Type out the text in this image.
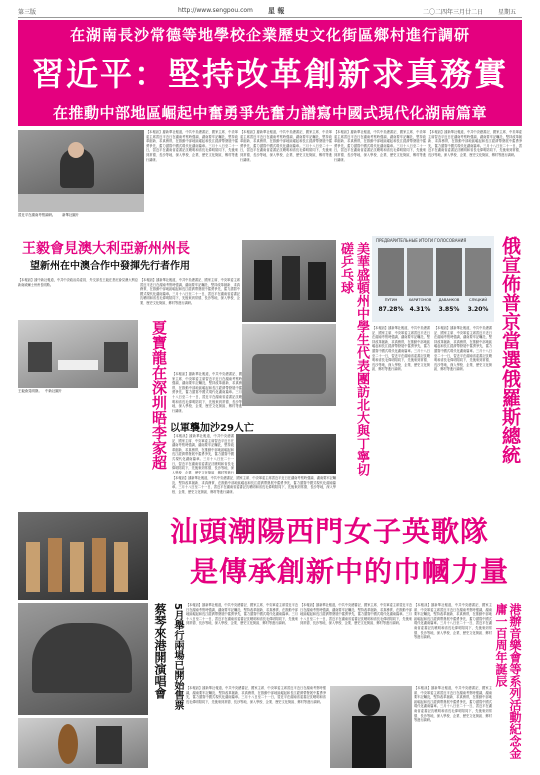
第三版	http://www.sengpou.com 星 報	二〇二四年三月廿二日 星期五
在湖南長沙常德等地學校企業歷史文化街區鄉村進行調研
習近平：堅持改革創新求真務實
在推動中部地區崛起中奮勇爭先奮力譜寫中國式現代化湖南篇章
習近平在湖南考察調研。　　新華社圖片
【本報訊】據新華社報道，中共中央總書記、國家主席、中央軍委主席習近平近日在湖南考察時強調，湖南要牢記囑託，堅持改革創新、求真務實，在推動中部地區崛起和長江經濟帶發展中奮勇爭先，奮力譜寫中國式現代化湖南篇章。三月十八日至二十一日，習近平在湖南省委書記沈曉明和省長毛偉明陪同下，先後來到常德、長沙等地，深入學校、企業、歷史文化街區、鄉村等進行調研。
【本報訊】據新華社報道，中共中央總書記、國家主席、中央軍委主席習近平近日在湖南考察時強調，湖南要牢記囑託，堅持改革創新、求真務實，在推動中部地區崛起和長江經濟帶發展中奮勇爭先，奮力譜寫中國式現代化湖南篇章。三月十八日至二十一日，習近平在湖南省委書記沈曉明和省長毛偉明陪同下，先後來到常德、長沙等地，深入學校、企業、歷史文化街區、鄉村等進行調研。
【本報訊】據新華社報道，中共中央總書記、國家主席、中央軍委主席習近平近日在湖南考察時強調，湖南要牢記囑託，堅持改革創新、求真務實，在推動中部地區崛起和長江經濟帶發展中奮勇爭先，奮力譜寫中國式現代化湖南篇章。三月十八日至二十一日，習近平在湖南省委書記沈曉明和省長毛偉明陪同下，先後來到常德、長沙等地，深入學校、企業、歷史文化街區、鄉村等進行調研。
【本報訊】據新華社報道，中共中央總書記、國家主席、中央軍委主席習近平近日在湖南考察時強調，湖南要牢記囑託，堅持改革創新、求真務實，在推動中部地區崛起和長江經濟帶發展中奮勇爭先，奮力譜寫中國式現代化湖南篇章。三月十八日至二十一日，習近平在湖南省委書記沈曉明和省長毛偉明陪同下，先後來到常德、長沙等地，深入學校、企業、歷史文化街區、鄉村等進行調研。
王毅會見澳大利亞新州州長
望新州在中澳合作中發揮先行者作用
【本報訊】據中新社報道，中共中央政治局委員、外交部長王毅在悉尼會見澳大利亞新南威爾士州州長明斯。
【本報訊】據新華社報道，中共中央總書記、國家主席、中央軍委主席習近平近日在湖南考察時強調，湖南要牢記囑託，堅持改革創新、求真務實，在推動中部地區崛起和長江經濟帶發展中奮勇爭先，奮力譜寫中國式現代化湖南篇章。三月十八日至二十一日，習近平在湖南省委書記沈曉明和省長毛偉明陪同下，先後來到常德、長沙等地，深入學校、企業、歷史文化街區、鄉村等進行調研。
王毅會見明斯。　中新社圖片	夏寶龍在深圳晤李家超	【本報訊】據新華社報道，中共中央總書記、國家主席、中央軍委主席習近平近日在湖南考察時強調，湖南要牢記囑託，堅持改革創新、求真務實，在推動中部地區崛起和長江經濟帶發展中奮勇爭先，奮力譜寫中國式現代化湖南篇章。三月十八日至二十一日，習近平在湖南省委書記沈曉明和省長毛偉明陪同下，先後來到常德、長沙等地，深入學校、企業、歷史文化街區、鄉村等進行調研。	美華盛頓州中學生代表團訪北大與丁寧切磋乒乓球
ПРЕДВАРИТЕЛЬНЫЕ ИТОГИ ГОЛОСОВАНИЯ
ПУТИН	ХАРИТОНОВ	ДАВАНКОВ	СЛУЦКИЙ
87.28%	4.31%	3.85%	3.20% 俄宣佈普京當選俄羅斯總統
【本報訊】據新華社報道，中共中央總書記、國家主席、中央軍委主席習近平近日在湖南考察時強調，湖南要牢記囑託，堅持改革創新、求真務實，在推動中部地區崛起和長江經濟帶發展中奮勇爭先，奮力譜寫中國式現代化湖南篇章。三月十八日至二十一日，習近平在湖南省委書記沈曉明和省長毛偉明陪同下，先後來到常德、長沙等地，深入學校、企業、歷史文化街區、鄉村等進行調研。
【本報訊】據新華社報道，中共中央總書記、國家主席、中央軍委主席習近平近日在湖南考察時強調，湖南要牢記囑託，堅持改革創新、求真務實，在推動中部地區崛起和長江經濟帶發展中奮勇爭先，奮力譜寫中國式現代化湖南篇章。三月十八日至二十一日，習近平在湖南省委書記沈曉明和省長毛偉明陪同下，先後來到常德、長沙等地，深入學校、企業、歷史文化街區、鄉村等進行調研。
以軍襲加沙29人亡
【本報訊】據新華社報道，中共中央總書記、國家主席、中央軍委主席習近平近日在湖南考察時強調，湖南要牢記囑託，堅持改革創新、求真務實，在推動中部地區崛起和長江經濟帶發展中奮勇爭先，奮力譜寫中國式現代化湖南篇章。三月十八日至二十一日，習近平在湖南省委書記沈曉明和省長毛偉明陪同下，先後來到常德、長沙等地，深入學校、企業、歷史文化街區、鄉村等進行
【本報訊】據新華社報道，中共中央總書記、國家主席、中央軍委主席習近平近日在湖南考察時強調，湖南要牢記囑託，堅持改革創新、求真務實，在推動中部地區崛起和長江經濟帶發展中奮勇爭先，奮力譜寫中國式現代化湖南篇章。三月十八日至二十一日，習近平在湖南省委書記沈曉明和省長毛偉明陪同下，先後來到常德、長沙等地，深入學校、企業、歷史文化街區、鄉村等進行調研。
汕頭潮陽西門女子英歌隊
是傳承創新中的巾幗力量
蔡琴來港開演唱會 5月舉行兩場已開始售票 【本報訊】據新華社報道，中共中央總書記、國家主席、中央軍委主席習近平近日在湖南考察時強調，湖南要牢記囑託，堅持改革創新、求真務實，在推動中部地區崛起和長江經濟帶發展中奮勇爭先，奮力譜寫中國式現代化湖南篇章。三月十八日至二十一日，習近平在湖南省委書記沈曉明和省長毛偉明陪同下，先後來到常德、長沙等地，深入學校、企業、歷史文化街區、鄉村等進行調研。
【本報訊】據新華社報道，中共中央總書記、國家主席、中央軍委主席習近平近日在湖南考察時強調，湖南要牢記囑託，堅持改革創新、求真務實，在推動中部地區崛起和長江經濟帶發展中奮勇爭先，奮力譜寫中國式現代化湖南篇章。三月十八日至二十一日，習近平在湖南省委書記沈曉明和省長毛偉明陪同下，先後來到常德、長沙等地，深入學校、企業、歷史文化街區、鄉村等進行調研。
【本報訊】據新華社報道，中共中央總書記、國家主席、中央軍委主席習近平近日在湖南考察時強調，湖南要牢記囑託，堅持改革創新、求真務實，在推動中部地區崛起和長江經濟帶發展中奮勇爭先，奮力譜寫中國式現代化湖南篇章。三月十八日至二十一日，習近平在湖南省委書記沈曉明和省長毛偉明陪同下，先後來到常德、長沙等地，深入學校、企業、歷史文化街區、鄉村等進行調研。
【本報訊】據新華社報道，中共中央總書記、國家主席、中央軍委主席習近平近日在湖南考察時強調，湖南要牢記囑託，堅持改革創新、求真務實，在推動中部地區崛起和長江經濟帶發展中奮勇爭先，奮力譜寫中國式現代化湖南篇章。三月十八日至二十一日，習近平在湖南省委書記沈曉明和省長毛偉明陪同下，先後來到常德、長沙等地，深入學校、企業、歷史文化街區、鄉村等進行調研。
【本報訊】據新華社報道，中共中央總書記、國家主席、中央軍委主席習近平近日在湖南考察時強調，湖南要牢記囑託，堅持改革創新、求真務實，在推動中部地區崛起和長江經濟帶發展中奮勇爭先，奮力譜寫中國式現代化湖南篇章。三月十八日至二十一日，習近平在湖南省委書記沈曉明和省長毛偉明陪同下，先後來到常德、長沙等地，深入學校、企業、歷史文化街區、鄉村等進行調研。	港辦音樂會等系列活動紀念金庸一百周年誕辰
